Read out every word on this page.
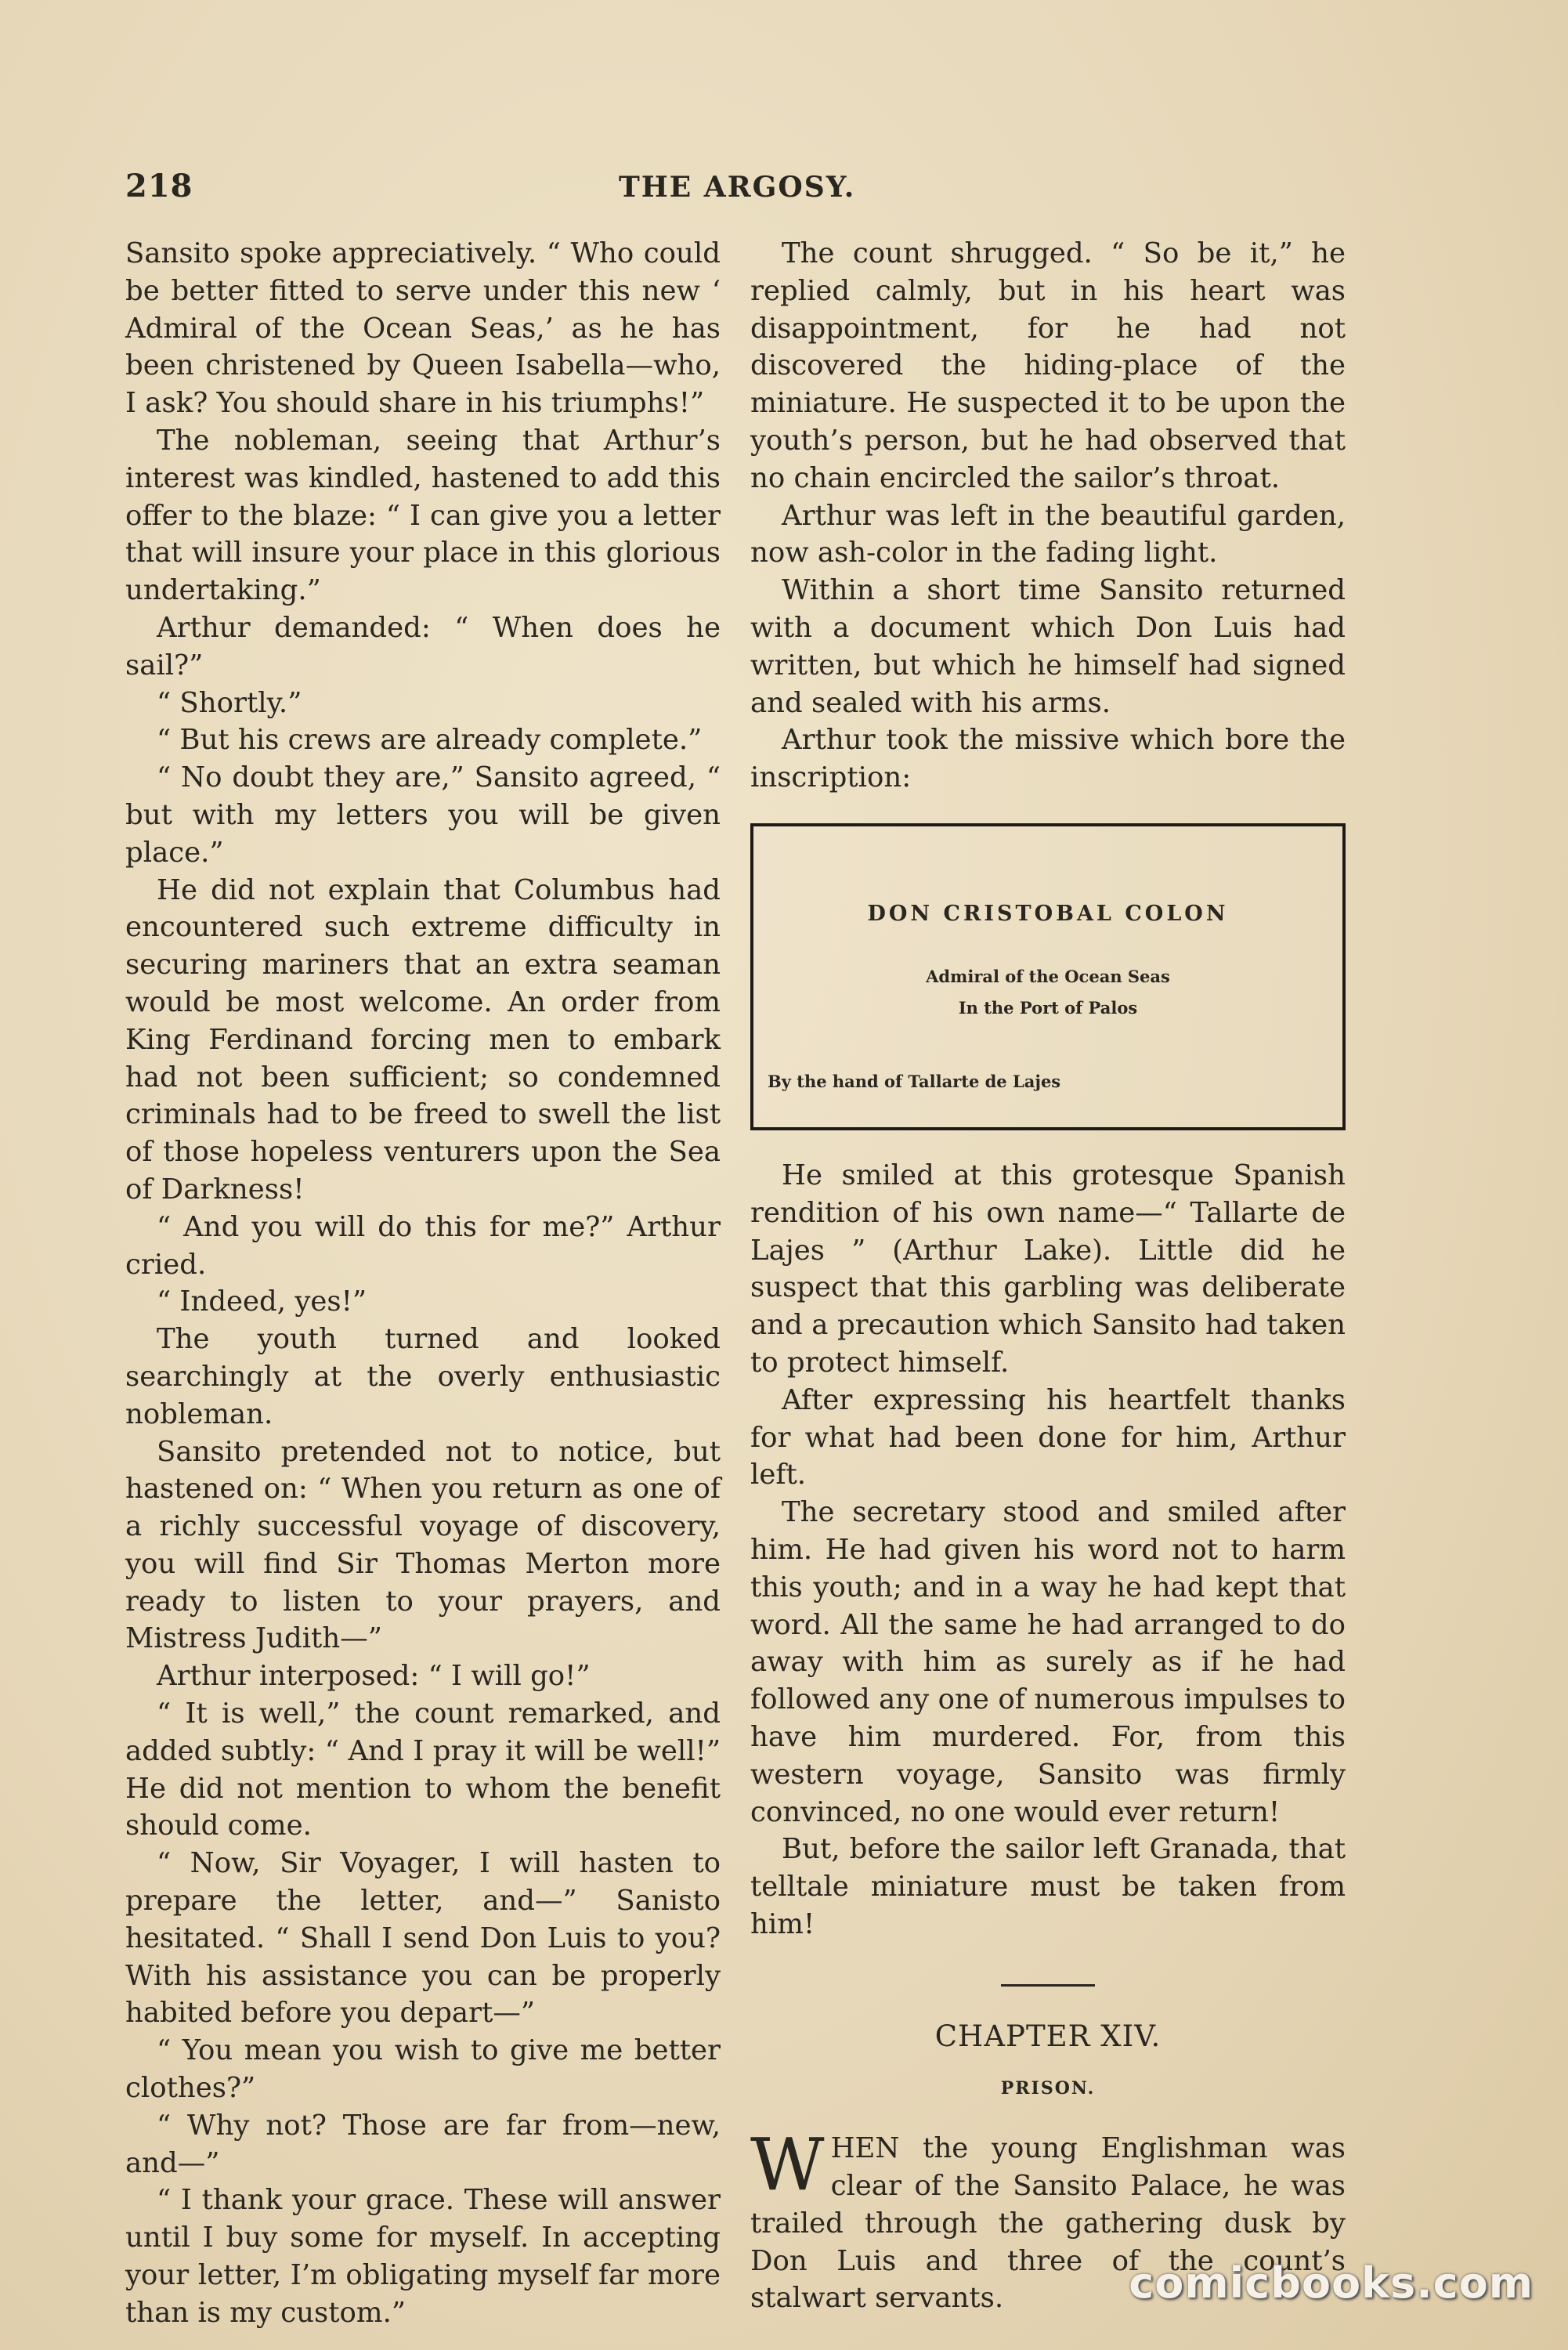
218	THE ARGOSY.

Sansito spoke appreciatively. “ Who could be better fitted to serve under this new ‘ Admiral of the Ocean Seas,’ as he has been christened by Queen Isabella—who, I ask? You should share in his triumphs!”

The nobleman, seeing that Arthur’s interest was kindled, hastened to add this offer to the blaze: “ I can give you a letter that will insure your place in this glorious undertaking.”

Arthur demanded: “ When does he sail?”

“ Shortly.”

“ But his crews are already complete.”

“ No doubt they are,” Sansito agreed, “ but with my letters you will be given place.”

He did not explain that Columbus had encountered such extreme difficulty in securing mariners that an extra seaman would be most welcome. An order from King Ferdinand forcing men to embark had not been sufficient; so condemned criminals had to be freed to swell the list of those hopeless venturers upon the Sea of Darkness!

“ And you will do this for me?” Arthur cried.

“ Indeed, yes!”

The youth turned and looked searchingly at the overly enthusiastic nobleman.

Sansito pretended not to notice, but hastened on: “ When you return as one of a richly successful voyage of discovery, you will find Sir Thomas Merton more ready to listen to your prayers, and Mistress Judith—”

Arthur interposed: “ I will go!”

“ It is well,” the count remarked, and added subtly: “ And I pray it will be well!” He did not mention to whom the benefit should come.

“ Now, Sir Voyager, I will hasten to prepare the letter, and—” Sanisto hesitated. “ Shall I send Don Luis to you? With his assistance you can be properly habited before you depart—”

“ You mean you wish to give me better clothes?”

“ Why not? Those are far from—new, and—”

“ I thank your grace. These will answer until I buy some for myself. In accepting your letter, I’m obligating myself far more than is my custom.”

The count shrugged. “ So be it,” he replied calmly, but in his heart was disappointment, for he had not discovered the hiding-place of the miniature. He suspected it to be upon the youth’s person, but he had observed that no chain encircled the sailor’s throat.

Arthur was left in the beautiful garden, now ash-color in the fading light.

Within a short time Sansito returned with a document which Don Luis had written, but which he himself had signed and sealed with his arms.

Arthur took the missive which bore the inscription:

DON CRISTOBAL COLON
Admiral of the Ocean Seas
In the Port of Palos
By the hand of Tallarte de Lajes

He smiled at this grotesque Spanish rendition of his own name—“ Tallarte de Lajes ” (Arthur Lake). Little did he suspect that this garbling was deliberate and a precaution which Sansito had taken to protect himself.

After expressing his heartfelt thanks for what had been done for him, Arthur left.

The secretary stood and smiled after him. He had given his word not to harm this youth; and in a way he had kept that word. All the same he had arranged to do away with him as surely as if he had followed any one of numerous impulses to have him murdered. For, from this western voyage, Sansito was firmly convinced, no one would ever return!

But, before the sailor left Granada, that telltale miniature must be taken from him!

CHAPTER XIV.
PRISON.

WHEN the young Englishman was clear of the Sansito Palace, he was trailed through the gathering dusk by Don Luis and three of the count’s stalwart servants.	comicbooks.com
